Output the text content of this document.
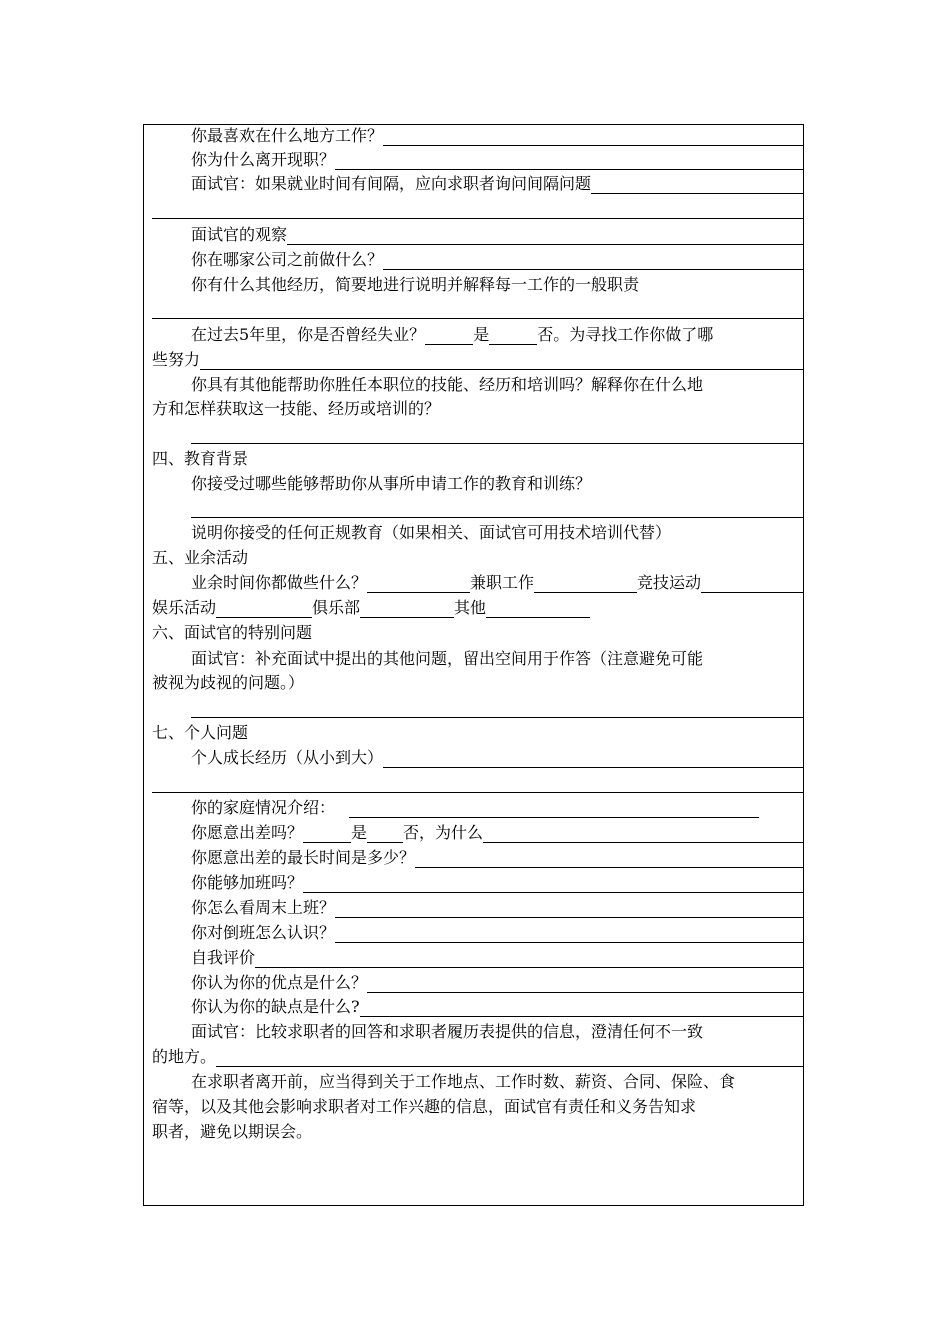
你最喜欢在什么地方工作？
你为什么离开现职？
面试官：如果就业时间有间隔，应向求职者询问间隔问题
面试官的观察
你在哪家公司之前做什么？
你有什么其他经历，简要地进行说明并解释每一工作的一般职责
在过去5年里，你是否曾经失业？	是	否。为寻找工作你做了哪
些努力
你具有其他能帮助你胜任本职位的技能、经历和培训吗？解释你在什么地
方和怎样获取这一技能、经历或培训的？
四、教育背景
你接受过哪些能够帮助你从事所申请工作的教育和训练？
说明你接受的任何正规教育（如果相关、面试官可用技术培训代替）
五、业余活动
业余时间你都做些什么？	兼职工作	竞技运动
娱乐活动	俱乐部	其他
六、面试官的特别问题
面试官：补充面试中提出的其他问题，留出空间用于作答（注意避免可能
被视为歧视的问题。）
七、个人问题
个人成长经历（从小到大）
你的家庭情况介绍：
你愿意出差吗？	是 否，为什么
你愿意出差的最长时间是多少？
你能够加班吗？
你怎么看周末上班？
你对倒班怎么认识？
自我评价
你认为你的优点是什么？
你认为你的缺点是什么?
面试官：比较求职者的回答和求职者履历表提供的信息，澄清任何不一致
的地方。
在求职者离开前，应当得到关于工作地点、工作时数、薪资、合同、保险、食
宿等，以及其他会影响求职者对工作兴趣的信息，面试官有责任和义务告知求
职者，避免以期误会。
